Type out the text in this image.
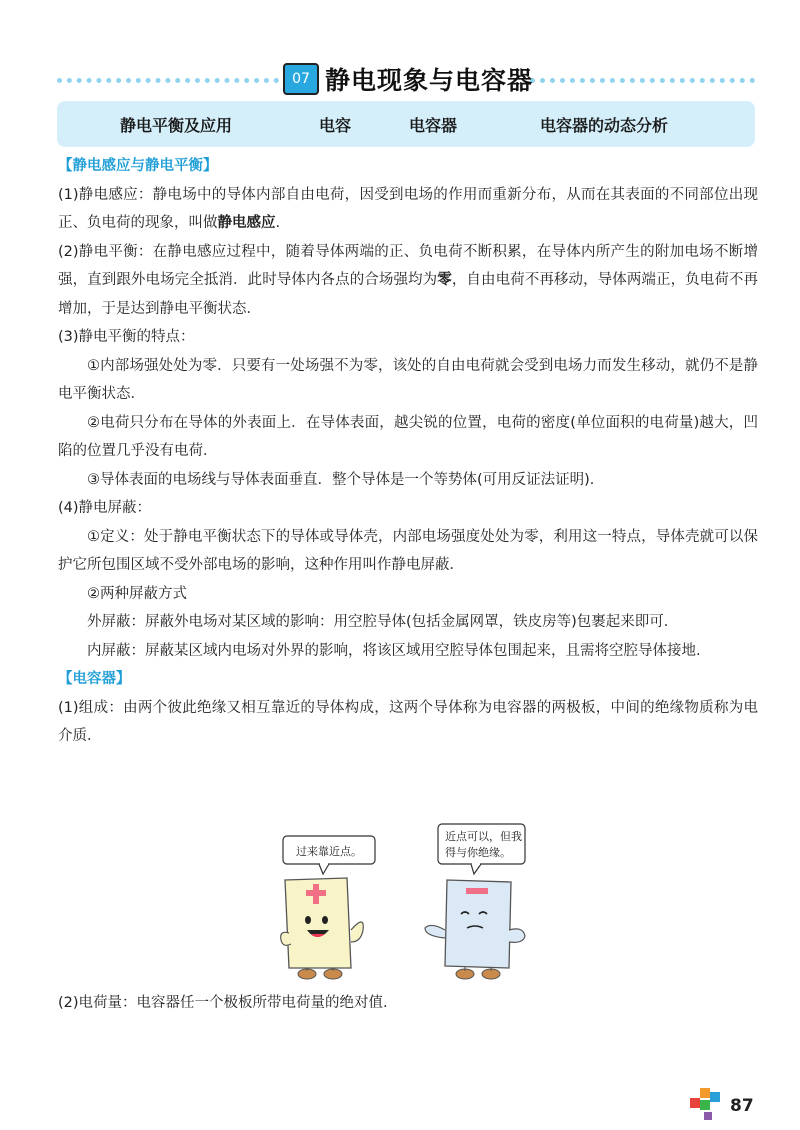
07 静电现象与电容器
静电平衡及应用	电容	电容器	电容器的动态分析

【静电感应与静电平衡】

(1)静电感应：静电场中的导体内部自由电荷，因受到电场的作用而重新分布，从而在其表面的不同部位出现正、负电荷的现象，叫做静电感应.

(2)静电平衡：在静电感应过程中，随着导体两端的正、负电荷不断积累，在导体内所产生的附加电场不断增强，直到跟外电场完全抵消．此时导体内各点的合场强均为零，自由电荷不再移动，导体两端正，负电荷不再增加，于是达到静电平衡状态．

(3)静电平衡的特点：

①内部场强处处为零．只要有一处场强不为零，该处的自由电荷就会受到电场力而发生移动，就仍不是静电平衡状态．

②电荷只分布在导体的外表面上．在导体表面，越尖锐的位置，电荷的密度(单位面积的电荷量)越大，凹陷的位置几乎没有电荷．

③导体表面的电场线与导体表面垂直．整个导体是一个等势体(可用反证法证明)．

(4)静电屏蔽：

①定义：处于静电平衡状态下的导体或导体壳，内部电场强度处处为零，利用这一特点，导体壳就可以保护它所包围区域不受外部电场的影响，这种作用叫作静电屏蔽．

②两种屏蔽方式

外屏蔽：屏蔽外电场对某区域的影响：用空腔导体(包括金属网罩，铁皮房等)包裹起来即可．

内屏蔽：屏蔽某区域内电场对外界的影响，将该区域用空腔导体包围起来，且需将空腔导体接地.

【电容器】

(1)组成：由两个彼此绝缘又相互靠近的导体构成，这两个导体称为电容器的两极板，中间的绝缘物质称为电介质．

过来靠近点。
近点可以，但我
得与你绝缘。

(2)电荷量：电容器任一个极板所带电荷量的绝对值．

87
